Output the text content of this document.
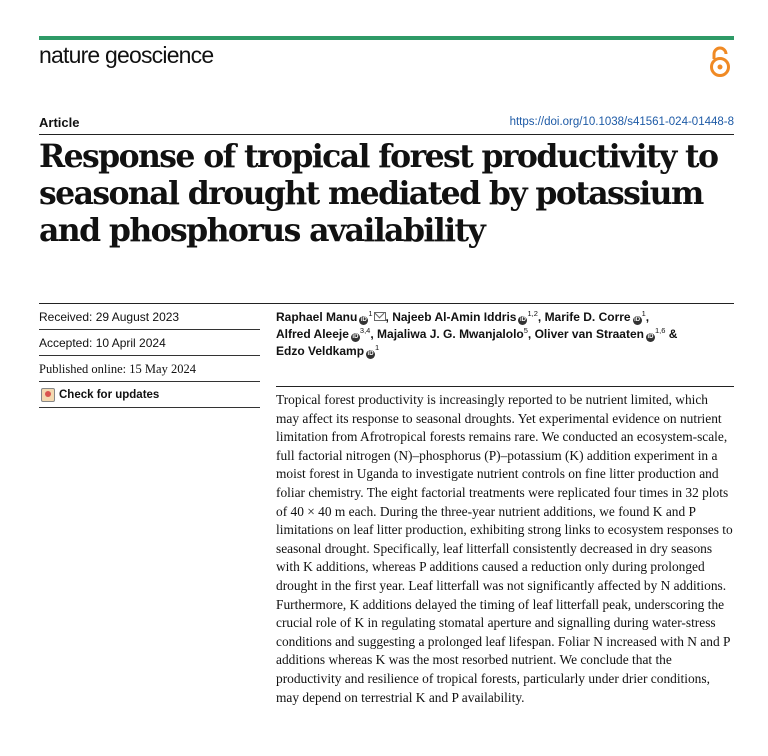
nature geoscience
Article	https://doi.org/10.1038/s41561-024-01448-8
Response of tropical forest productivity to seasonal drought mediated by potassium and phosphorus availability
Received: 29 August 2023
Accepted: 10 April 2024
Published online: 15 May 2024
Check for updates
Raphael Manu $iD^1$ , Najeeb Al-Amin Iddris iD$^{1,2}$, Marife D. Corre $iD^1$,
Alfred Aleeje iD$^{3,4}$, Majaliwa J. G. Mwanjalolo$^5$, Oliver van Straaten iD$^{1,6}$ &
Edzo Veldkamp $iD^1$

Tropical forest productivity is increasingly reported to be nutrient limited, which may affect its response to seasonal droughts. Yet experimental evidence on nutrient limitation from Afrotropical forests remains rare. We conducted an ecosystem-scale, full factorial nitrogen (N)–phosphorus (P)–potassium (K) addition experiment in a moist forest in Uganda to investigate nutrient controls on fine litter production and foliar chemistry. The eight factorial treatments were replicated four times in 32 plots of 40 × 40 m each. During the three-year nutrient additions, we found K and P limitations on leaf litter production, exhibiting strong links to ecosystem responses to seasonal drought. Specifically, leaf litterfall consistently decreased in dry seasons with K additions, whereas P additions caused a reduction only during prolonged drought in the first year. Leaf litterfall was not significantly affected by N additions. Furthermore, K additions delayed the timing of leaf litterfall peak, underscoring the crucial role of K in regulating stomatal aperture and signalling during water-stress conditions and suggesting a prolonged leaf lifespan. Foliar N increased with N and P additions whereas K was the most resorbed nutrient. We conclude that the productivity and resilience of tropical forests, particularly under drier conditions, may depend on terrestrial K and P availability.
